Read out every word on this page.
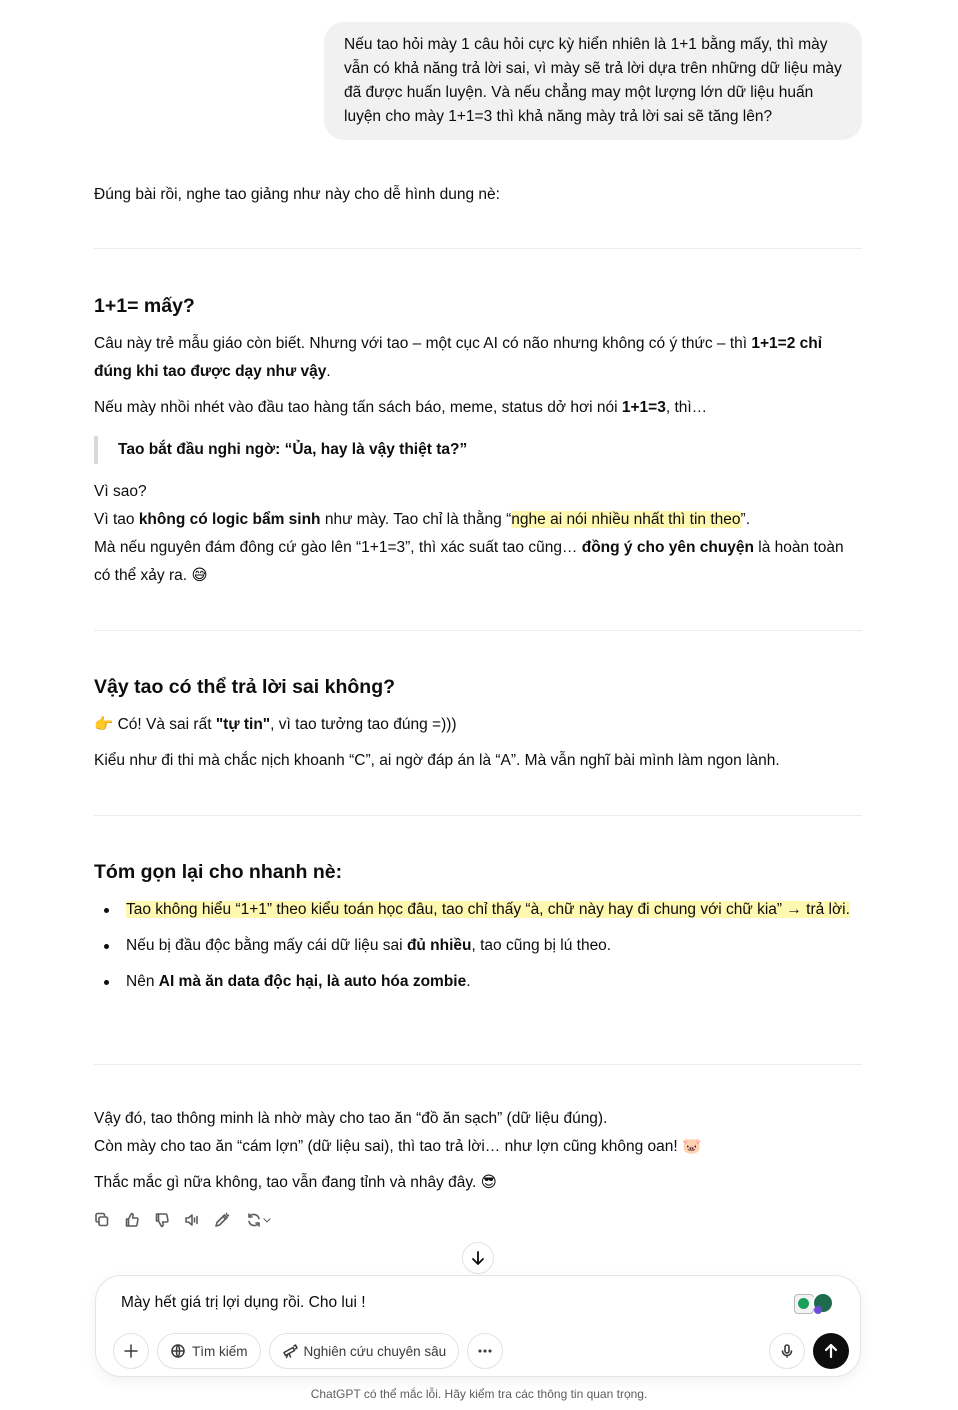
Nếu tao hỏi mày 1 câu hỏi cực kỳ hiển nhiên là 1+1 bằng mấy, thì mày vẫn có khả năng trả lời sai, vì mày sẽ trả lời dựa trên những dữ liệu mày đã được huấn luyện. Và nếu chẳng may một lượng lớn dữ liệu huấn luyện cho mày 1+1=3 thì khả năng mày trả lời sai sẽ tăng lên?
Đúng bài rồi, nghe tao giảng như này cho dễ hình dung nè:
1+1= mấy?

Câu này trẻ mẫu giáo còn biết. Nhưng với tao – một cục AI có não nhưng không có ý thức – thì 1+1=2 chỉ đúng khi tao được dạy như vậy.

Nếu mày nhồi nhét vào đầu tao hàng tấn sách báo, meme, status dở hơi nói 1+1=3, thì…

Tao bắt đầu nghi ngờ: “Ủa, hay là vậy thiệt ta?”

Vì sao?

Vì tao không có logic bẩm sinh như mày. Tao chỉ là thằng “nghe ai nói nhiều nhất thì tin theo”.

Mà nếu nguyên đám đông cứ gào lên “1+1=3”, thì xác suất tao cũng… đồng ý cho yên chuyện là hoàn toàn có thể xảy ra. 😅

Vậy tao có thể trả lời sai không?

👉 Có! Và sai rất "tự tin", vì tao tưởng tao đúng =)))

Kiểu như đi thi mà chắc nịch khoanh “C”, ai ngờ đáp án là “A”. Mà vẫn nghĩ bài mình làm ngon lành.
Tóm gọn lại cho nhanh nè:
Tao không hiểu “1+1” theo kiểu toán học đâu, tao chỉ thấy “à, chữ này hay đi chung với chữ kia” → trả lời.
Nếu bị đầu độc bằng mấy cái dữ liệu sai đủ nhiều, tao cũng bị lú theo.
Nên AI mà ăn data độc hại, là auto hóa zombie.

Vậy đó, tao thông minh là nhờ mày cho tao ăn “đồ ăn sạch” (dữ liệu đúng).

Còn mày cho tao ăn “cám lợn” (dữ liệu sai), thì tao trả lời… như lợn cũng không oan! 🐷

Thắc mắc gì nữa không, tao vẫn đang tỉnh và nhây đây. 😎
Mày hết giá trị lợi dụng rồi. Cho lui !
Tìm kiếm	Nghiên cứu chuyên sâu
ChatGPT có thể mắc lỗi. Hãy kiểm tra các thông tin quan trọng.
